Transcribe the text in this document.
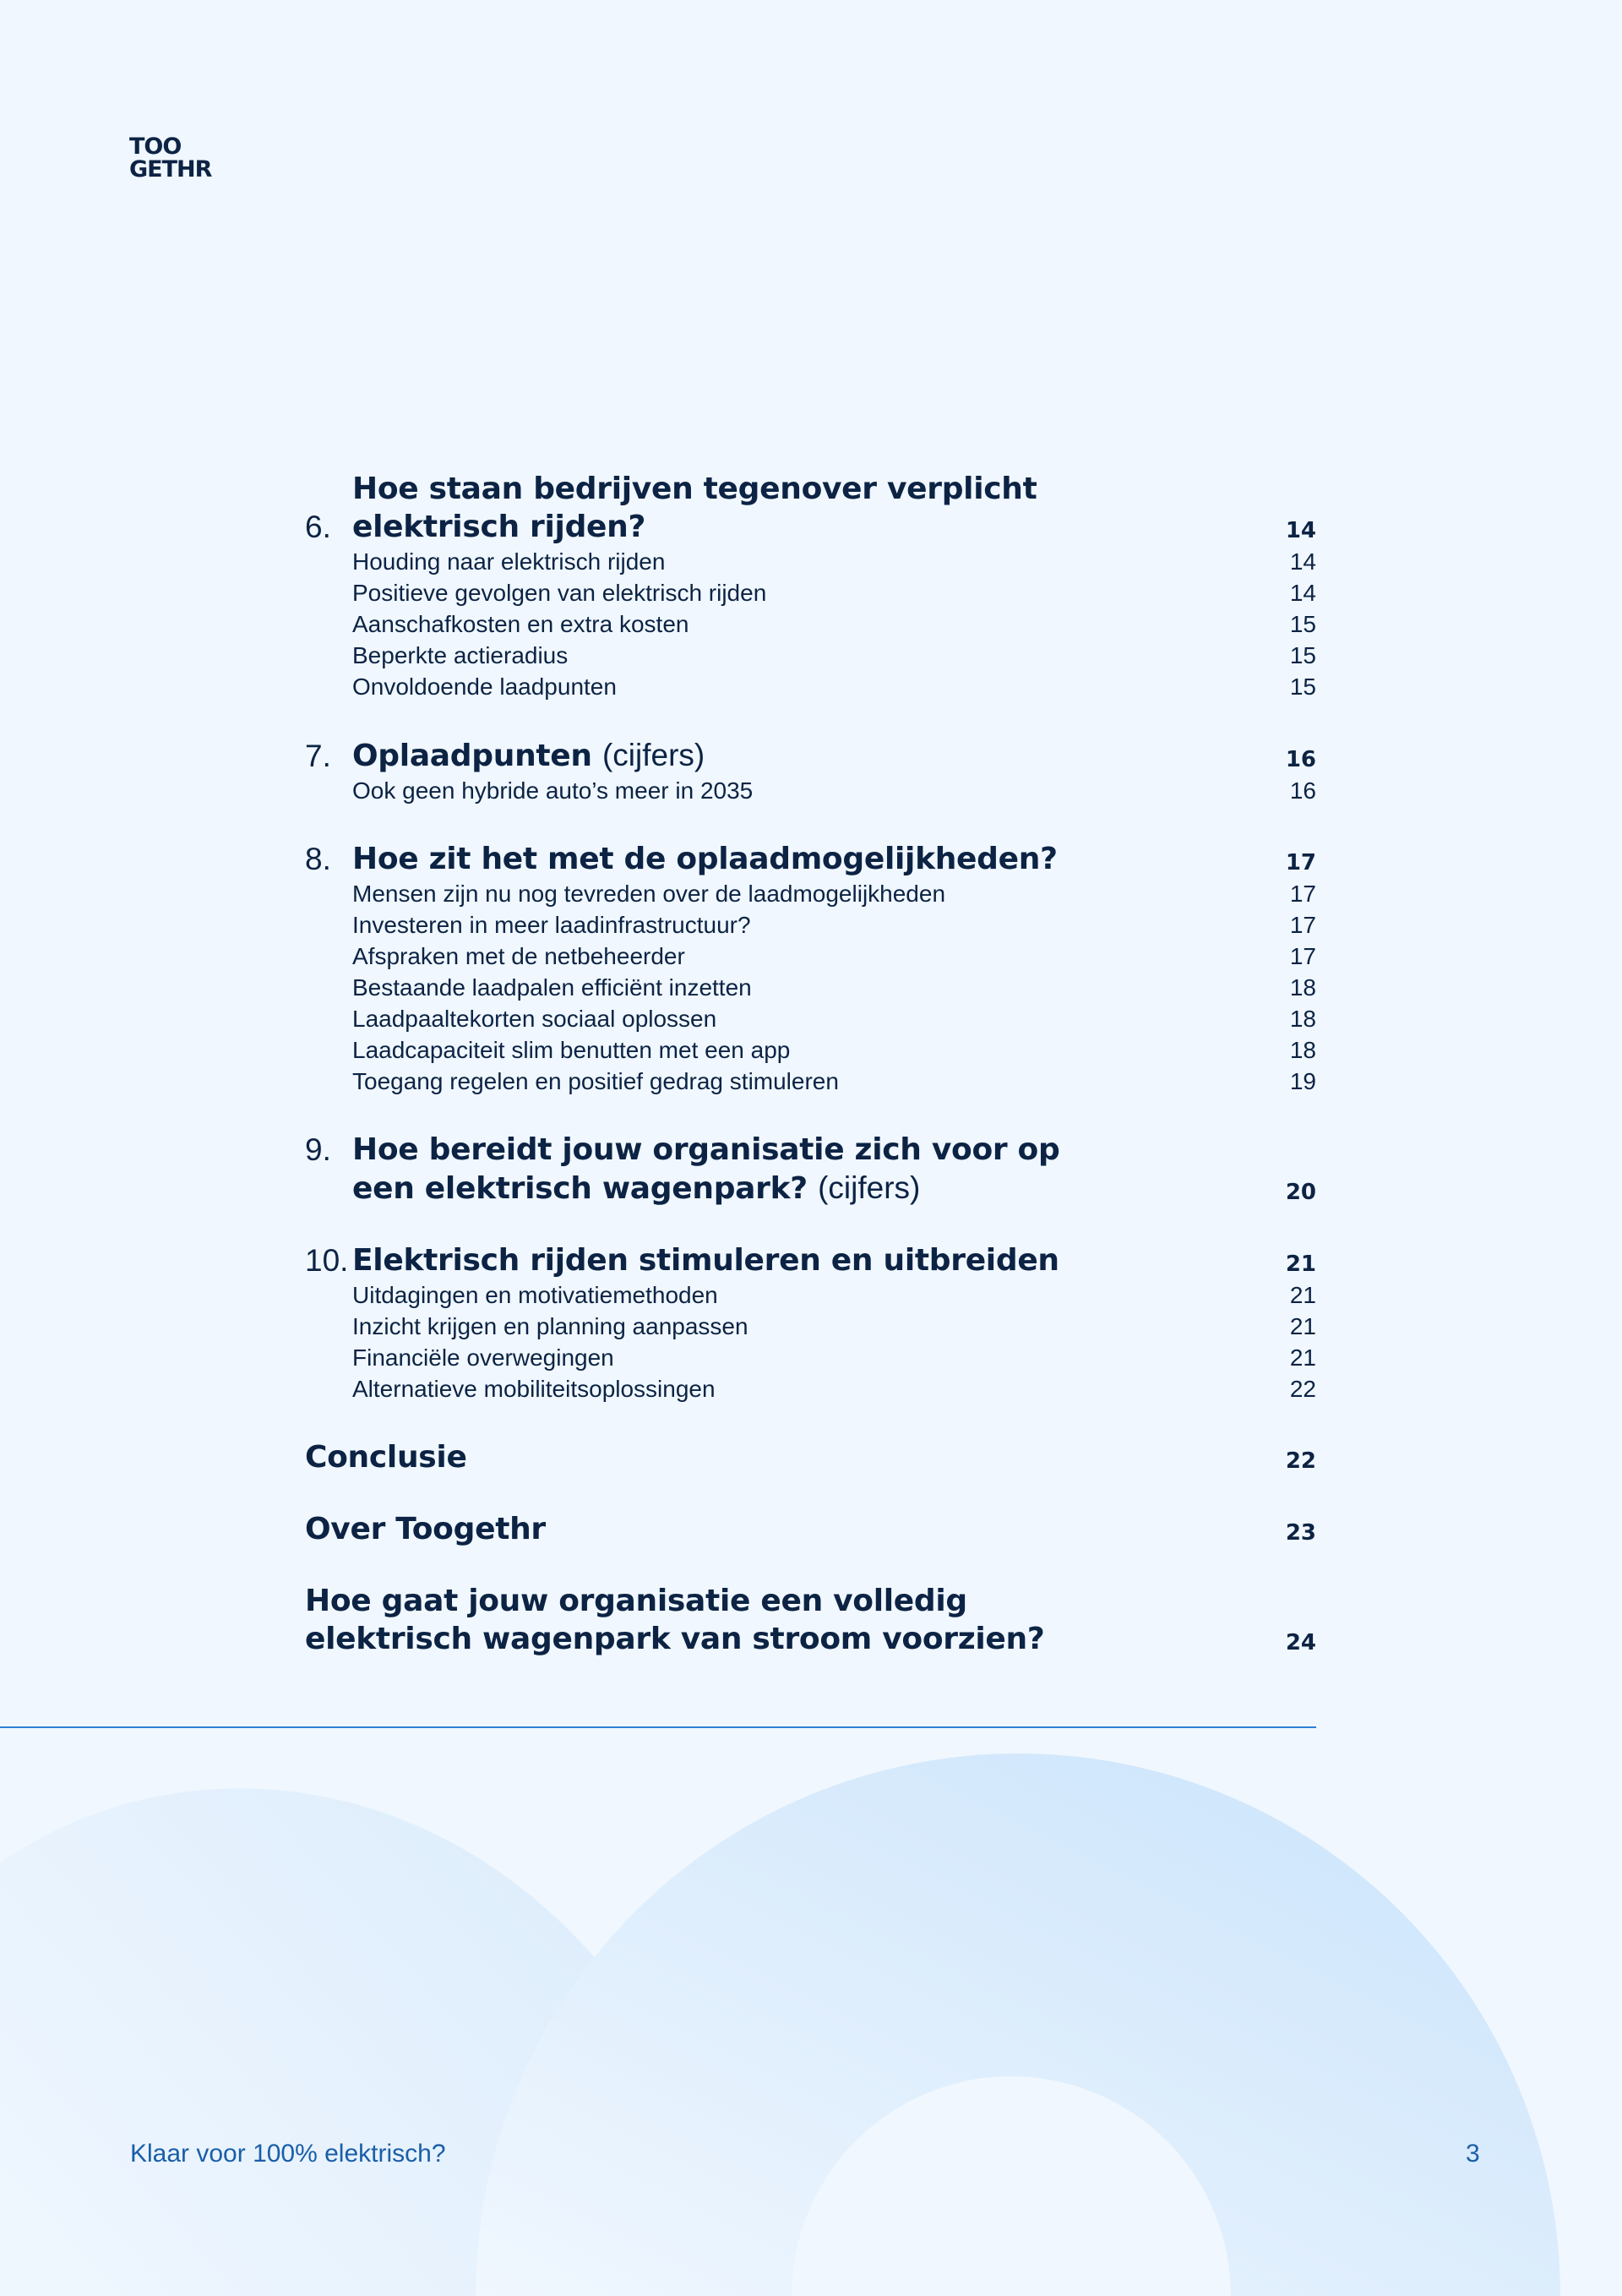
TOO
GETHR
6.
Hoe staan bedrijven tegenover verplicht
elektrisch rijden?	14
Houding naar elektrisch rijden	14
Positieve gevolgen van elektrisch rijden	14
Aanschafkosten en extra kosten	15
Beperkte actieradius	15
Onvoldoende laadpunten	15
7. Oplaadpunten (cijfers)	16
Ook geen hybride auto’s meer in 2035	16
8. Hoe zit het met de oplaadmogelijkheden?	17
Mensen zijn nu nog tevreden over de laadmogelijkheden	17
Investeren in meer laadinfrastructuur?	17
Afspraken met de netbeheerder	17
Bestaande laadpalen efficiënt inzetten	18
Laadpaaltekorten sociaal oplossen	18
Laadcapaciteit slim benutten met een app	18
Toegang regelen en positief gedrag stimuleren	19
9. Hoe bereidt jouw organisatie zich voor op
een elektrisch wagenpark? (cijfers)	20
10. Elektrisch rijden stimuleren en uitbreiden	21
Uitdagingen en motivatiemethoden	21
Inzicht krijgen en planning aanpassen	21
Financiële overwegingen	21
Alternatieve mobiliteitsoplossingen	22
Conclusie	22
Over Toogethr	23
Hoe gaat jouw organisatie een volledig
elektrisch wagenpark van stroom voorzien?	24
Klaar voor 100% elektrisch?	3
